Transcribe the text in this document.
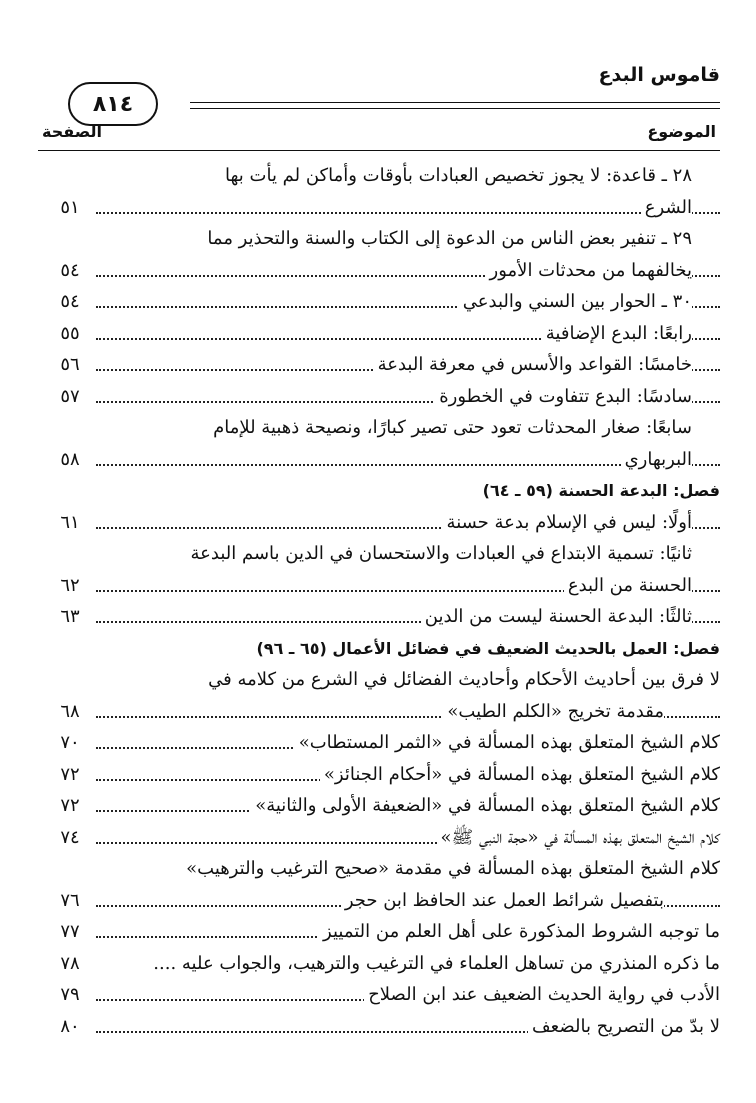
قاموس البدع
٨١٤
الموضوع
الصفحة
٢٨ ـ قاعدة: لا يجوز تخصيص العبادات بأوقات وأماكن لم يأت بها
الشرع
٥١
٢٩ ـ تنفير بعض الناس من الدعوة إلى الكتاب والسنة والتحذير مما
يخالفهما من محدثات الأمور
٥٤
٣٠ ـ الحوار بين السني والبدعي
٥٤
رابعًا: البدع الإضافية
٥٥
خامسًا: القواعد والأسس في معرفة البدعة
٥٦
سادسًا: البدع تتفاوت في الخطورة
٥٧
سابعًا: صغار المحدثات تعود حتى تصير كبارًا، ونصيحة ذهبية للإمام
البربهاري
٥٨
فصل: البدعة الحسنة (٥٩ ـ ٦٤)
أولًا: ليس في الإسلام بدعة حسنة
٦١
ثانيًا: تسمية الابتداع في العبادات والاستحسان في الدين باسم البدعة
الحسنة من البدع
٦٢
ثالثًا: البدعة الحسنة ليست من الدين
٦٣
فصل: العمل بالحديث الضعيف في فضائل الأعمال (٦٥ ـ ٩٦)
لا فرق بين أحاديث الأحكام وأحاديث الفضائل في الشرع من كلامه في
مقدمة تخريج «الكلم الطيب»
٦٨
كلام الشيخ المتعلق بهذه المسألة في «الثمر المستطاب»
٧٠
كلام الشيخ المتعلق بهذه المسألة في «أحكام الجنائز»
٧٢
كلام الشيخ المتعلق بهذه المسألة في «الضعيفة الأولى والثانية»
٧٢
كلام الشيخ المتعلق بهذه المسألة في «حجة النبي ﷺ»
٧٤
كلام الشيخ المتعلق بهذه المسألة في مقدمة «صحيح الترغيب والترهيب»
بتفصيل شرائط العمل عند الحافظ ابن حجر
٧٦
ما توجبه الشروط المذكورة على أهل العلم من التمييز
٧٧
ما ذكره المنذري من تساهل العلماء في الترغيب والترهيب، والجواب عليه ....
٧٨
الأدب في رواية الحديث الضعيف عند ابن الصلاح
٧٩
لا بدّ من التصريح بالضعف
٨٠
